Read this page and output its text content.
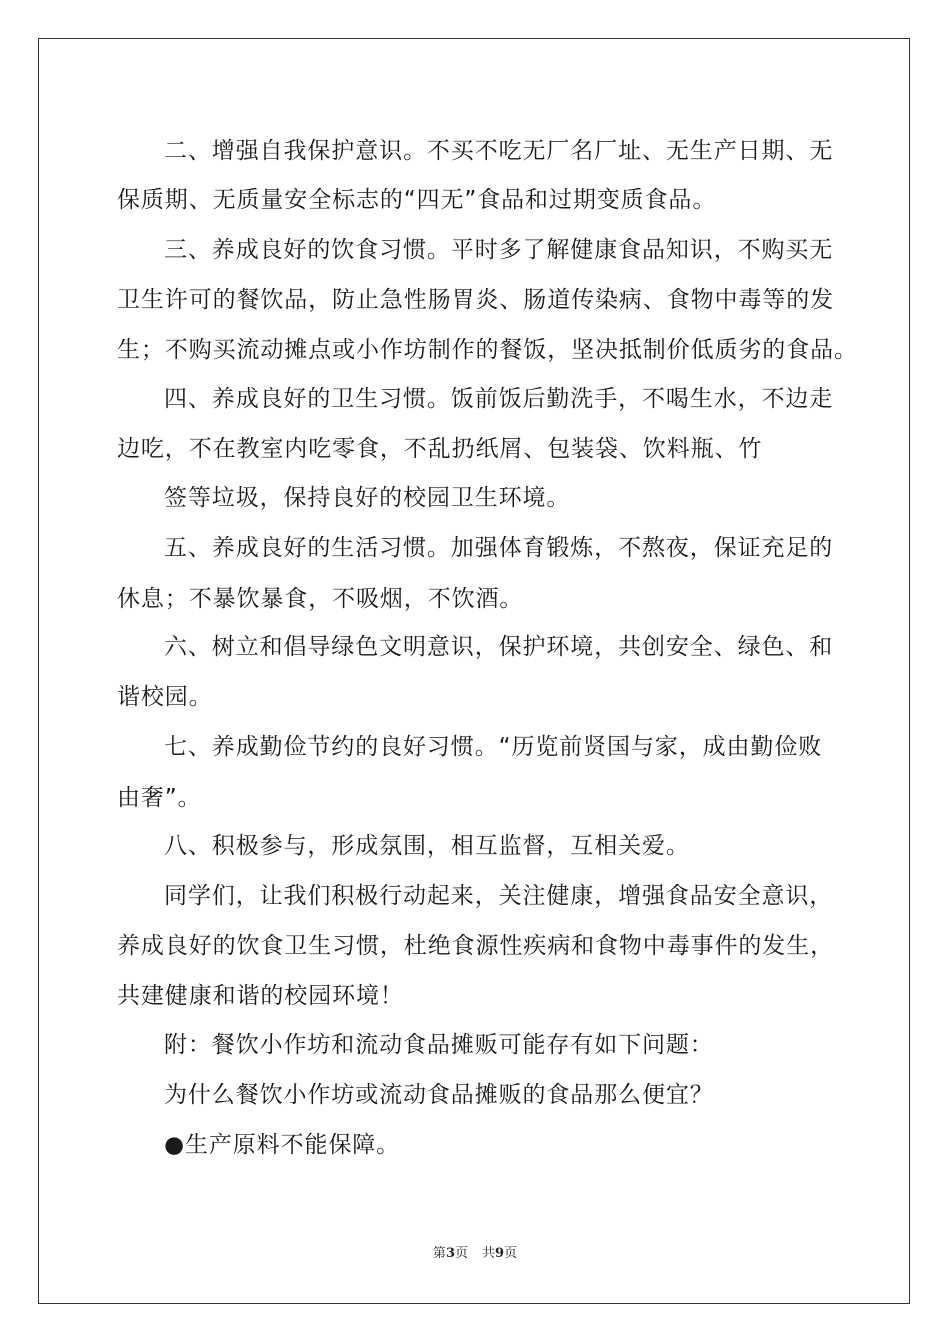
二、增强自我保护意识。不买不吃无厂名厂址、无生产日期、无
保质期、无质量安全标志的“四无”食品和过期变质食品。
三、养成良好的饮食习惯。平时多了解健康食品知识，不购买无
卫生许可的餐饮品，防止急性肠胃炎、肠道传染病、食物中毒等的发
生；不购买流动摊点或小作坊制作的餐饭，坚决抵制价低质劣的食品。
四、养成良好的卫生习惯。饭前饭后勤洗手，不喝生水，不边走
边吃，不在教室内吃零食，不乱扔纸屑、包装袋、饮料瓶、竹
签等垃圾，保持良好的校园卫生环境。
五、养成良好的生活习惯。加强体育锻炼，不熬夜，保证充足的
休息；不暴饮暴食，不吸烟，不饮酒。
六、树立和倡导绿色文明意识，保护环境，共创安全、绿色、和
谐校园。
七、养成勤俭节约的良好习惯。“历览前贤国与家，成由勤俭败
由奢”。
八、积极参与，形成氛围，相互监督，互相关爱。
同学们，让我们积极行动起来，关注健康，增强食品安全意识，
养成良好的饮食卫生习惯，杜绝食源性疾病和食物中毒事件的发生，
共建健康和谐的校园环境！
附：餐饮小作坊和流动食品摊贩可能存有如下问题：
为什么餐饮小作坊或流动食品摊贩的食品那么便宜？
●生产原料不能保障。
第3页 共9页
